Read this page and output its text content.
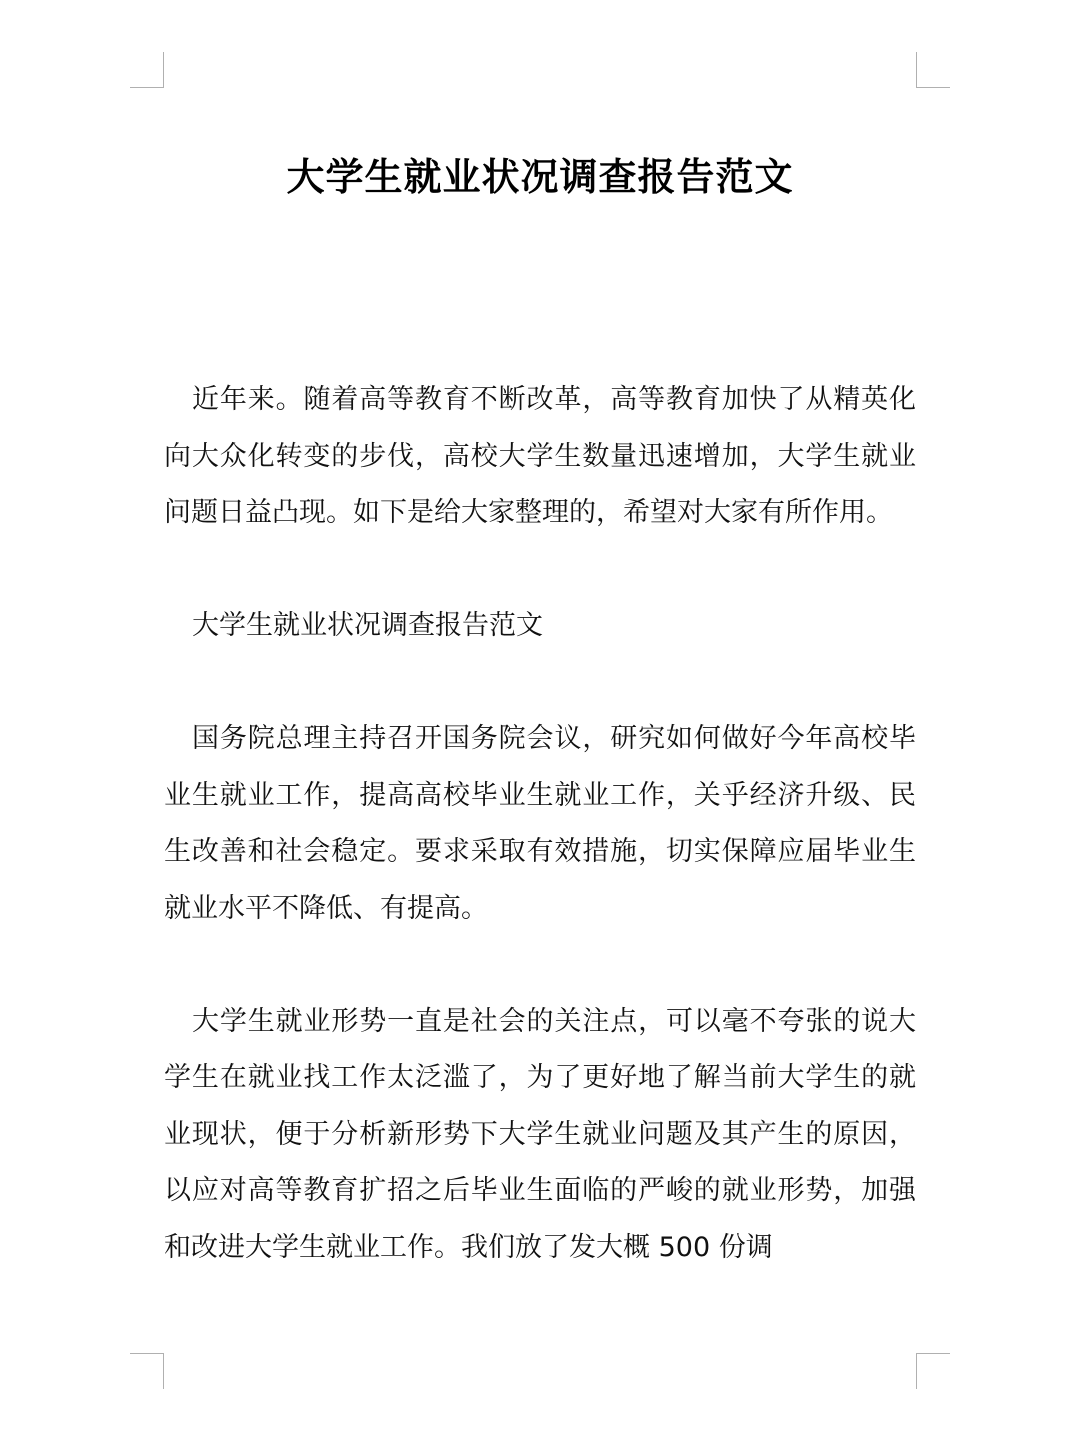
大学生就业状况调查报告范文

近年来。随着高等教育不断改革，高等教育加快了从精英化向大众化转变的步伐，高校大学生数量迅速增加，大学生就业问题日益凸现。如下是给大家整理的，希望对大家有所作用。

大学生就业状况调查报告范文

国务院总理主持召开国务院会议，研究如何做好今年高校毕业生就业工作，提高高校毕业生就业工作，关乎经济升级、民生改善和社会稳定。要求采取有效措施，切实保障应届毕业生就业水平不降低、有提高。

大学生就业形势一直是社会的关注点，可以毫不夸张的说大学生在就业找工作太泛滥了，为了更好地了解当前大学生的就业现状，便于分析新形势下大学生就业问题及其产生的原因，以应对高等教育扩招之后毕业生面临的严峻的就业形势，加强和改进大学生就业工作。我们放了发大概 500 份调
